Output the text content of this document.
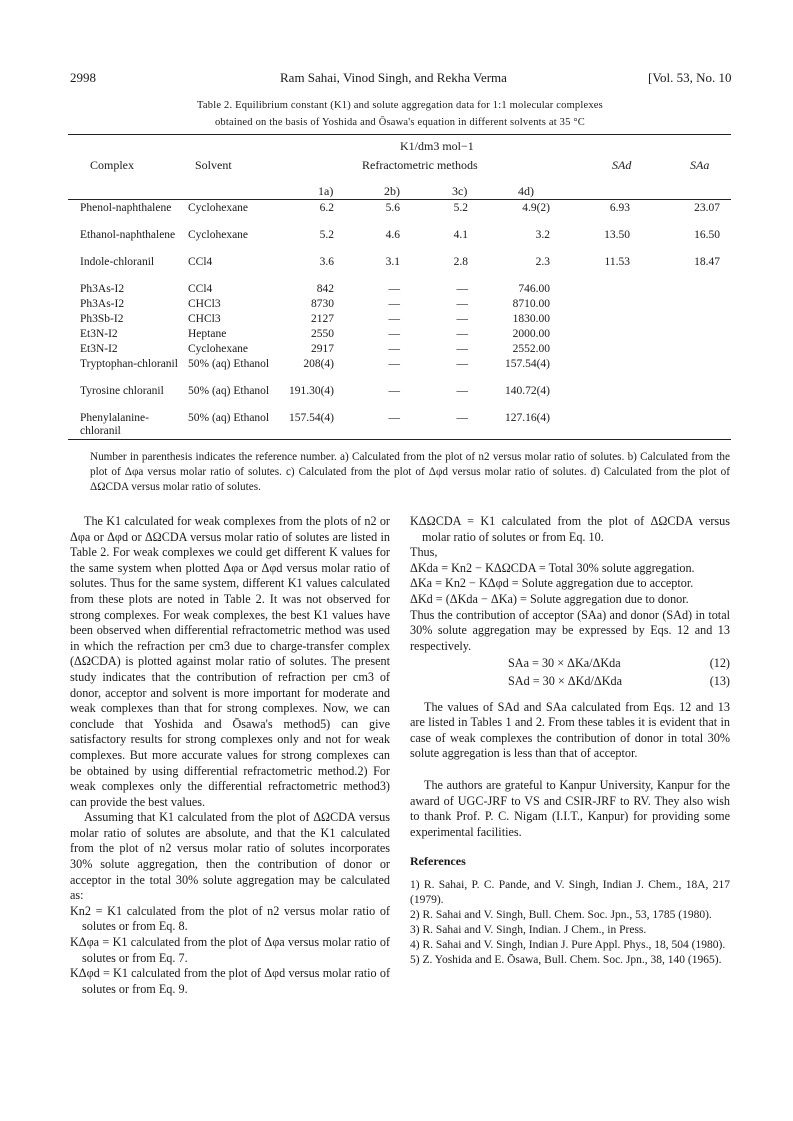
2998	Ram Sahai, Vinod Singh, and Rekha Verma	[Vol. 53, No. 10
Table 2. Equilibrium constant (K1) and solute aggregation data for 1:1 molecular complexes
obtained on the basis of Yoshida and Ōsawa's equation in different solvents at 35 °C
K1/dm3 mol−1
Complex	Solvent	Refractometric methods	SAd	SAa
1a)	2b)	3c)	4d)
Phenol-naphthalene	Cyclohexane	6.2	5.6	5.2	4.9(2)	6.93	23.07
Ethanol-naphthalene	Cyclohexane	5.2	4.6	4.1	3.2	13.50	16.50
Indole-chloranil	CCl4	3.6	3.1	2.8	2.3	11.53	18.47
Ph3As-I2	CCl4	842	—	—	746.00		
Ph3As-I2	CHCl3	8730	—	—	8710.00		
Ph3Sb-I2	CHCl3	2127	—	—	1830.00		
Et3N-I2	Heptane	2550	—	—	2000.00		
Et3N-I2	Cyclohexane	2917	—	—	2552.00		
Tryptophan-chloranil	50% (aq) Ethanol	208(4)	—	—	157.54(4)		
Tyrosine chloranil	50% (aq) Ethanol	191.30(4)	—	—	140.72(4)		
Phenylalanine-chloranil	50% (aq) Ethanol	157.54(4)	—	—	127.16(4)		
Number in parenthesis indicates the reference number. a) Calculated from the plot of n2 versus molar ratio of solutes. b) Calculated from the plot of Δφa versus molar ratio of solutes. c) Calculated from the plot of Δφd versus molar ratio of solutes. d) Calculated from the plot of ΔΩCDA versus molar ratio of solutes.

The K1 calculated for weak complexes from the plots of n2 or Δφa or Δφd or ΔΩCDA versus molar ratio of solutes are listed in Table 2. For weak complexes we could get different K values for the same system when plotted Δφa or Δφd versus molar ratio of solutes. Thus for the same system, different K1 values calculated from these plots are noted in Table 2. It was not observed for strong complexes. For weak complexes, the best K1 values have been observed when differential refractometric method was used in which the refraction per cm3 due to charge-transfer complex (ΔΩCDA) is plotted against molar ratio of solutes. The present study indicates that the contribution of refraction per cm3 of donor, acceptor and solvent is more important for moderate and weak complexes than that for strong complexes. Now, we can conclude that Yoshida and Ōsawa's method5) can give satisfactory results for strong complexes only and not for weak complexes. But more accurate values for strong complexes can be obtained by using differential refractometric method.2) For weak complexes only the differential refractometric method3) can provide the best values.

Assuming that K1 calculated from the plot of ΔΩCDA versus molar ratio of solutes are absolute, and that the K1 calculated from the plot of n2 versus molar ratio of solutes incorporates 30% solute aggregation, then the contribution of donor or acceptor in the total 30% solute aggregation may be calculated as:

Kn2 = K1 calculated from the plot of n2 versus molar ratio of solutes or from Eq. 8.

KΔφa = K1 calculated from the plot of Δφa versus molar ratio of solutes or from Eq. 7.

KΔφd = K1 calculated from the plot of Δφd versus molar ratio of solutes or from Eq. 9.

KΔΩCDA = K1 calculated from the plot of ΔΩCDA versus molar ratio of solutes or from Eq. 10.

Thus,

ΔKda = Kn2 − KΔΩCDA = Total 30% solute aggregation.

ΔKa = Kn2 − KΔφd = Solute aggregation due to acceptor.

ΔKd = (ΔKda − ΔKa) = Solute aggregation due to donor.

Thus the contribution of acceptor (SAa) and donor (SAd) in total 30% solute aggregation may be expressed by Eqs. 12 and 13 respectively.

SAa = 30 × ΔKa/ΔKda	(12)
SAd = 30 × ΔKd/ΔKda	(13)

The values of SAd and SAa calculated from Eqs. 12 and 13 are listed in Tables 1 and 2. From these tables it is evident that in case of weak complexes the contribution of donor in total 30% solute aggregation is less than that of acceptor.

The authors are grateful to Kanpur University, Kanpur for the award of UGC-JRF to VS and CSIR-JRF to RV. They also wish to thank Prof. P. C. Nigam (I.I.T., Kanpur) for providing some experimental facilities.

References
1) R. Sahai, P. C. Pande, and V. Singh, Indian J. Chem., 18A, 217 (1979).
2) R. Sahai and V. Singh, Bull. Chem. Soc. Jpn., 53, 1785 (1980).
3) R. Sahai and V. Singh, Indian. J Chem., in Press.
4) R. Sahai and V. Singh, Indian J. Pure Appl. Phys., 18, 504 (1980).
5) Z. Yoshida and E. Ōsawa, Bull. Chem. Soc. Jpn., 38, 140 (1965).
